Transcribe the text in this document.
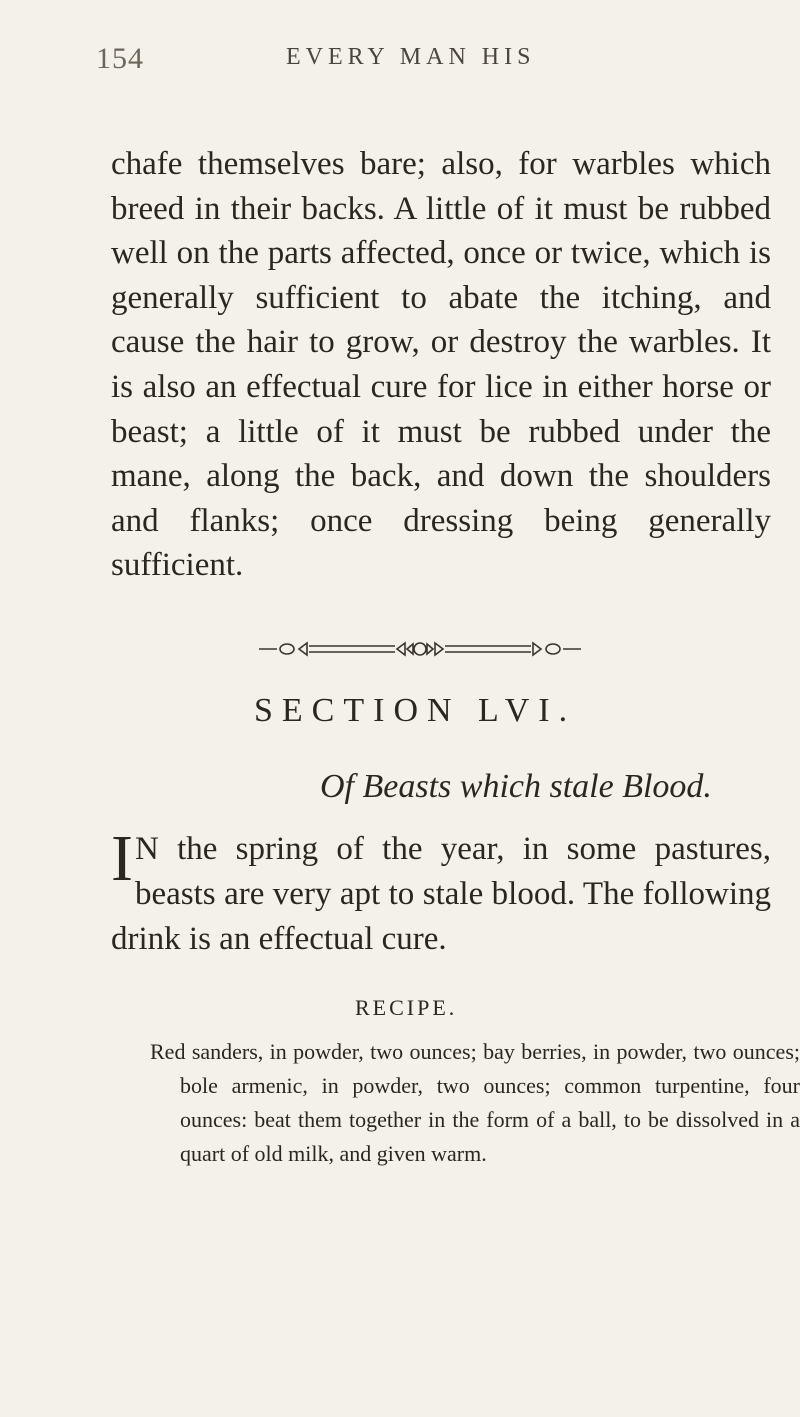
154	EVERY MAN HIS

chafe themselves bare; also, for warbles which breed in their backs. A little of it must be rubbed well on the parts affected, once or twice, which is generally sufficient to abate the itching, and cause the hair to grow, or destroy the warbles. It is also an effectual cure for lice in either horse or beast; a little of it must be rubbed under the mane, along the back, and down the shoulders and flanks; once dressing being generally sufficient.

SECTION LVI.
Of Beasts which stale Blood.

I N the spring of the year, in some pastures, beasts are very apt to stale blood. The following drink is an effectual cure.

RECIPE.

Red sanders, in powder, two ounces; bay berries, in powder, two ounces; bole armenic, in powder, two ounces; common turpentine, four ounces: beat them together in the form of a ball, to be dissolved in a quart of old milk, and given warm.
